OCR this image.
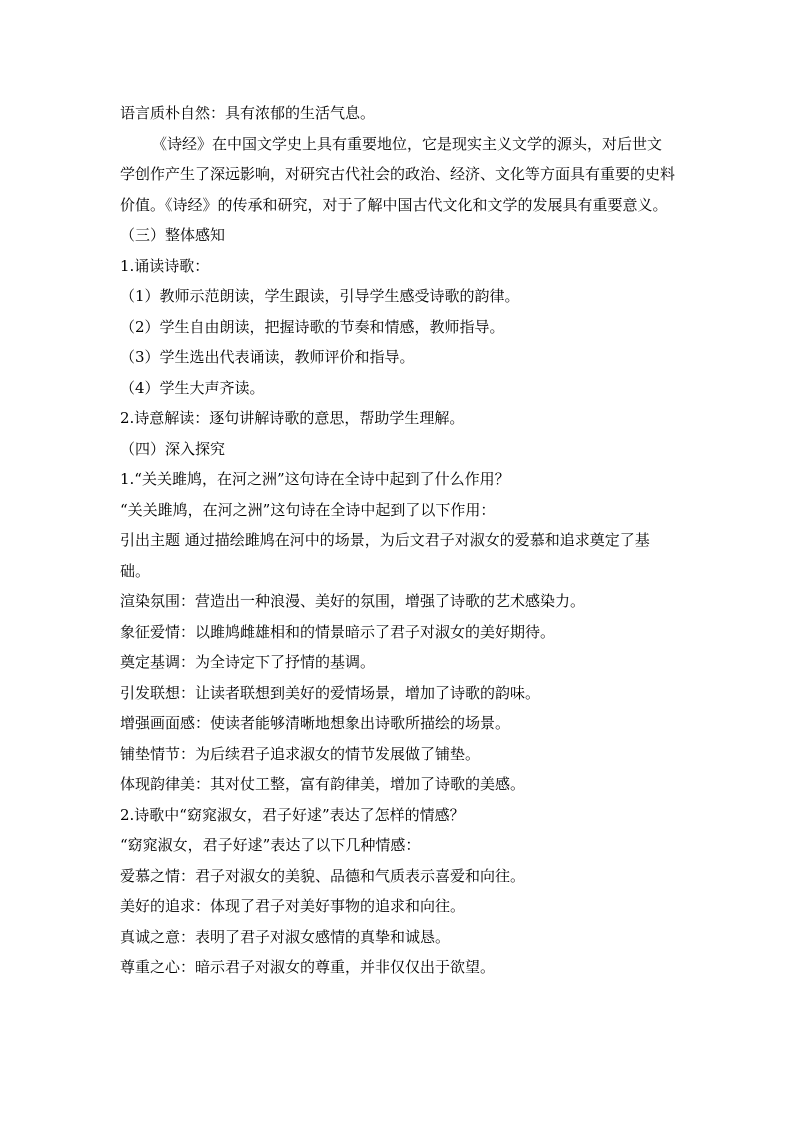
语言质朴自然：具有浓郁的生活气息。

《诗经》在中国文学史上具有重要地位，它是现实主义文学的源头，对后世文学创作产生了深远影响，对研究古代社会的政治、经济、文化等方面具有重要的史料价值。《诗经》的传承和研究，对于了解中国古代文化和文学的发展具有重要意义。

（三）整体感知

1.诵读诗歌：

（1）教师示范朗读，学生跟读，引导学生感受诗歌的韵律。

（2）学生自由朗读，把握诗歌的节奏和情感，教师指导。

（3）学生选出代表诵读，教师评价和指导。

（4）学生大声齐读。

2.诗意解读：逐句讲解诗歌的意思，帮助学生理解。

（四）深入探究

1.“关关雎鸠，在河之洲”这句诗在全诗中起到了什么作用？

“关关雎鸠，在河之洲”这句诗在全诗中起到了以下作用：

引出主题 通过描绘雎鸠在河中的场景，为后文君子对淑女的爱慕和追求奠定了基础。

渲染氛围：营造出一种浪漫、美好的氛围，增强了诗歌的艺术感染力。

象征爱情：以雎鸠雌雄相和的情景暗示了君子对淑女的美好期待。

奠定基调：为全诗定下了抒情的基调。

引发联想：让读者联想到美好的爱情场景，增加了诗歌的韵味。

增强画面感：使读者能够清晰地想象出诗歌所描绘的场景。

铺垫情节：为后续君子追求淑女的情节发展做了铺垫。

体现韵律美：其对仗工整，富有韵律美，增加了诗歌的美感。

2.诗歌中“窈窕淑女，君子好逑”表达了怎样的情感？

“窈窕淑女，君子好逑”表达了以下几种情感：

爱慕之情：君子对淑女的美貌、品德和气质表示喜爱和向往。

美好的追求：体现了君子对美好事物的追求和向往。

真诚之意：表明了君子对淑女感情的真挚和诚恳。

尊重之心：暗示君子对淑女的尊重，并非仅仅出于欲望。
